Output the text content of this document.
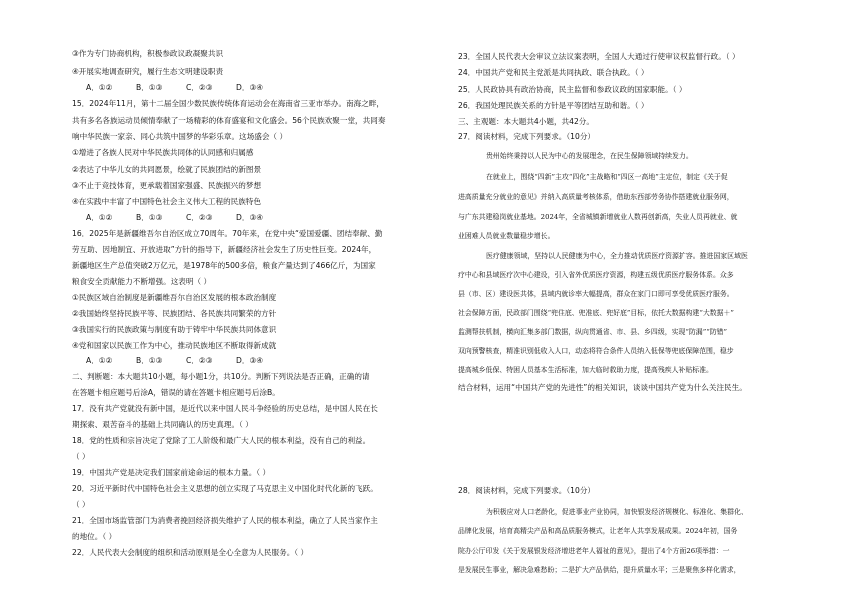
③作为专门协商机构，积极参政议政凝聚共识
④开展实地调查研究，履行生态文明建设职责
A．①②	B．①③	C．②③	D．③④
15．2024年11月，第十二届全国少数民族传统体育运动会在海南省三亚市举办。南海之畔，
共有多名各族运动员倾情奉献了一场精彩的体育盛宴和文化盛会。56个民族欢聚一堂，共同奏
响中华民族一家亲、同心共筑中国梦的华彩乐章。这场盛会（ ）
①增进了各族人民对中华民族共同体的认同感和归属感
②表达了中华儿女的共同愿景，绘就了民族团结的新图景
③不止于竞技体育，更承载着国家强盛、民族振兴的梦想
④在实践中丰富了中国特色社会主义伟大工程的民族特色
A．①②	B．①③	C．②③	D．③④
16．2025年是新疆维吾尔自治区成立70周年。70年来，在党中央“爱国爱疆、团结奉献、勤
劳互助、因地制宜、开放进取”方针的指导下，新疆经济社会发生了历史性巨变。2024年，
新疆地区生产总值突破2万亿元，是1978年的500多倍，粮食产量达到了466亿斤，为国家
粮食安全贡献能力不断增强。这表明（ ）
①民族区域自治制度是新疆维吾尔自治区发展的根本政治制度
②我国始终坚持民族平等、民族团结、各民族共同繁荣的方针
③我国实行的民族政策与制度有助于铸牢中华民族共同体意识
④党和国家以民族工作为中心，推动民族地区不断取得新成就
A．①②	B．①③	C．②③	D．③④
二、判断题：本大题共10小题，每小题1分，共10分。判断下列说法是否正确，正确的请
在答题卡相应题号后涂A，错误的请在答题卡相应题号后涂B。
17．没有共产党就没有新中国，是近代以来中国人民斗争经验的历史总结，是中国人民在长
期探索、艰苦奋斗的基础上共同确认的历史真理。（ ）
18．党的性质和宗旨决定了党除了工人阶级和最广大人民的根本利益，没有自己的利益。
（ ）
19．中国共产党是决定我们国家前途命运的根本力量。（ ）
20．习近平新时代中国特色社会主义思想的创立实现了马克思主义中国化时代化新的飞跃。
（ ）
21．全国市场监管部门为消费者挽回经济损失维护了人民的根本利益，确立了人民当家作主
的地位。（ ）
22．人民代表大会制度的组织和活动原则是全心全意为人民服务。（ ）
23．全国人民代表大会审议立法议案表明，全国人大通过行使审议权监督行政。（ ）
24．中国共产党和民主党派是共同执政、联合执政。（ ）
25．人民政协具有政治协商，民主监督和参政议政的国家职能。（ ）
26．我国处理民族关系的方针是平等团结互助和谐。（ ）
三、主观题：本大题共4小题，共42分。
27．阅读材料，完成下列要求。（10分）
贵州始终秉持以人民为中心的发展理念，在民生保障领域持续发力。
在就业上，围绕“四新”主攻“四化”主战略和“四区一高地”主定位，制定《关于促
进高质量充分就业的意见》并纳入高质量考核体系，借助东西部劳务协作搭建就业服务网，
与广东共建稳岗就业基地。2024年，全省城镇新增就业人数再创新高，失业人员再就业、就
业困难人员就业数量稳步增长。
医疗健康领域，坚持以人民健康为中心，全力推动优质医疗资源扩容。推进国家区域医
疗中心和县域医疗次中心建设，引入省外优质医疗资源，构建五级优质医疗服务体系。众多
县（市、区）建设医共体，县域内就诊率大幅提高，群众在家门口即可享受优质医疗服务。
社会保障方面，民政部门围绕“兜住底、兜准底、兜好底”目标，依托大数据构建“大数据＋”
监测帮扶机制，横向汇集多部门数据，纵向贯通省、市、县、乡四级，实现“防漏”“防错”
双向预警核查，精准识别低收入人口，动态将符合条件人员纳入低保等兜底保障范围，稳步
提高城乡低保、特困人员基本生活标准，加大临时救助力度，提高残疾人补贴标准。
结合材料，运用“中国共产党的先进性”的相关知识，谈谈中国共产党为什么关注民生。
28．阅读材料，完成下列要求。（10分）
为积极应对人口老龄化，促进事业产业协同，加快银发经济规模化、标准化、集群化、
品牌化发展，培育高精尖产品和高品质服务模式，让老年人共享发展成果。2024年初，国务
院办公厅印发《关于发展银发经济增进老年人福祉的意见》，提出了4个方面26项举措：一
是发展民生事业，解决急难愁盼；二是扩大产品供给，提升质量水平；三是聚焦多样化需求，
